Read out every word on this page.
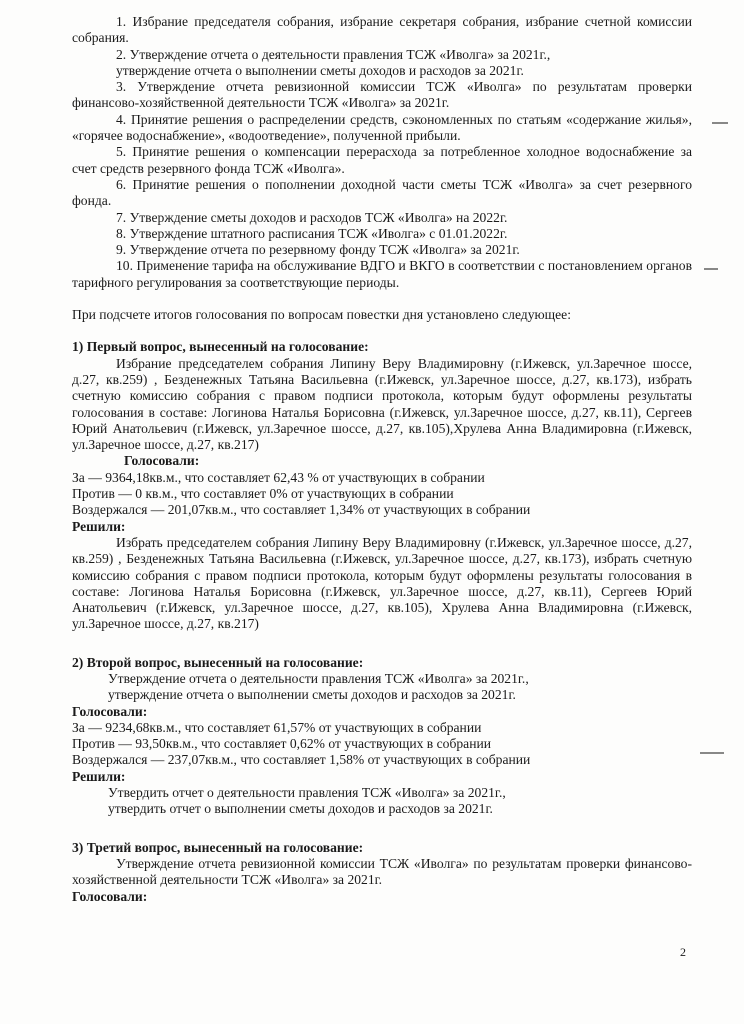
1. Избрание председателя собрания, избрание секретаря собрания, избрание счетной комиссии собрания.

2. Утверждение отчета о деятельности правления ТСЖ «Иволга» за 2021г.,

утверждение отчета о выполнении сметы доходов и расходов за 2021г.

3. Утверждение отчета ревизионной комиссии ТСЖ «Иволга» по результатам проверки финансово-хозяйственной деятельности ТСЖ «Иволга» за 2021г.

4. Принятие решения о распределении средств, сэкономленных по статьям «содержание жилья», «горячее водоснабжение», «водоотведение», полученной прибыли.

5. Принятие решения о компенсации перерасхода за потребленное холодное водоснабжение за счет средств резервного фонда ТСЖ «Иволга».

6. Принятие решения о пополнении доходной части сметы ТСЖ «Иволга» за счет резервного фонда.

7. Утверждение сметы доходов и расходов ТСЖ «Иволга» на 2022г.

8. Утверждение штатного расписания ТСЖ «Иволга» с 01.01.2022г.

9. Утверждение отчета по резервному фонду ТСЖ «Иволга» за 2021г.

10. Применение тарифа на обслуживание ВДГО и ВКГО в соответствии с постановлением органов тарифного регулирования за соответствующие периоды.

При подсчете итогов голосования по вопросам повестки дня установлено следующее:

1) Первый вопрос, вынесенный на голосование:

Избрание председателем собрания Липину Веру Владимировну (г.Ижевск, ул.Заречное шоссе, д.27, кв.259) , Безденежных Татьяна Васильевна (г.Ижевск, ул.Заречное шоссе, д.27, кв.173), избрать счетную комиссию собрания с правом подписи протокола, которым будут оформлены результаты голосования в составе: Логинова Наталья Борисовна (г.Ижевск, ул.Заречное шоссе, д.27, кв.11), Сергеев Юрий Анатольевич (г.Ижевск, ул.Заречное шоссе, д.27, кв.105),Хрулева Анна Владимировна (г.Ижевск, ул.Заречное шоссе, д.27, кв.217)

Голосовали:

За — 9364,18кв.м., что составляет 62,43 % от участвующих в собрании

Против — 0 кв.м., что составляет 0% от участвующих в собрании

Воздержался — 201,07кв.м., что составляет 1,34% от участвующих в собрании

Решили:

Избрать председателем собрания Липину Веру Владимировну (г.Ижевск, ул.Заречное шоссе, д.27, кв.259) , Безденежных Татьяна Васильевна (г.Ижевск, ул.Заречное шоссе, д.27, кв.173), избрать счетную комиссию собрания с правом подписи протокола, которым будут оформлены результаты голосования в составе: Логинова Наталья Борисовна (г.Ижевск, ул.Заречное шоссе, д.27, кв.11), Сергеев Юрий Анатольевич (г.Ижевск, ул.Заречное шоссе, д.27, кв.105), Хрулева Анна Владимировна (г.Ижевск, ул.Заречное шоссе, д.27, кв.217)

2) Второй вопрос, вынесенный на голосование:

Утверждение отчета о деятельности правления ТСЖ «Иволга» за 2021г.,

утверждение отчета о выполнении сметы доходов и расходов за 2021г.

Голосовали:

За — 9234,68кв.м., что составляет 61,57% от участвующих в собрании

Против — 93,50кв.м., что составляет 0,62% от участвующих в собрании

Воздержался — 237,07кв.м., что составляет 1,58% от участвующих в собрании

Решили:

Утвердить отчет о деятельности правления ТСЖ «Иволга» за 2021г.,

утвердить отчет о выполнении сметы доходов и расходов за 2021г.

3) Третий вопрос, вынесенный на голосование:

Утверждение отчета ревизионной комиссии ТСЖ «Иволга» по результатам проверки финансово-хозяйственной деятельности ТСЖ «Иволга» за 2021г.

Голосовали:

2
